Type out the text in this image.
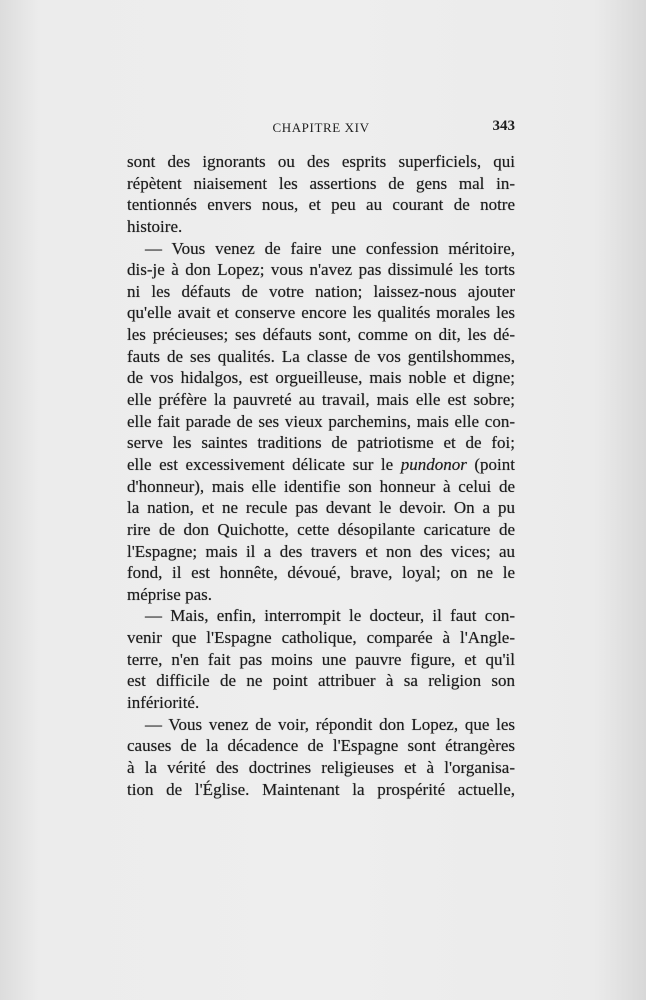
CHAPITRE XIV	343
sont des ignorants ou des esprits superficiels, qui
répètent niaisement les assertions de gens mal in-
tentionnés envers nous, et peu au courant de notre
histoire.
— Vous venez de faire une confession méritoire,
dis-je à don Lopez; vous n'avez pas dissimulé les torts
ni les défauts de votre nation; laissez-nous ajouter
qu'elle avait et conserve encore les qualités morales les
les précieuses; ses défauts sont, comme on dit, les dé-
fauts de ses qualités. La classe de vos gentilshommes,
de vos hidalgos, est orgueilleuse, mais noble et digne;
elle préfère la pauvreté au travail, mais elle est sobre;
elle fait parade de ses vieux parchemins, mais elle con-
serve les saintes traditions de patriotisme et de foi;
elle est excessivement délicate sur le pundonor (point
d'honneur), mais elle identifie son honneur à celui de
la nation, et ne recule pas devant le devoir. On a pu
rire de don Quichotte, cette désopilante caricature de
l'Espagne; mais il a des travers et non des vices; au
fond, il est honnête, dévoué, brave, loyal; on ne le
méprise pas.
— Mais, enfin, interrompit le docteur, il faut con-
venir que l'Espagne catholique, comparée à l'Angle-
terre, n'en fait pas moins une pauvre figure, et qu'il
est difficile de ne point attribuer à sa religion son
infériorité.
— Vous venez de voir, répondit don Lopez, que les
causes de la décadence de l'Espagne sont étrangères
à la vérité des doctrines religieuses et à l'organisa-
tion de l'Église. Maintenant la prospérité actuelle,
